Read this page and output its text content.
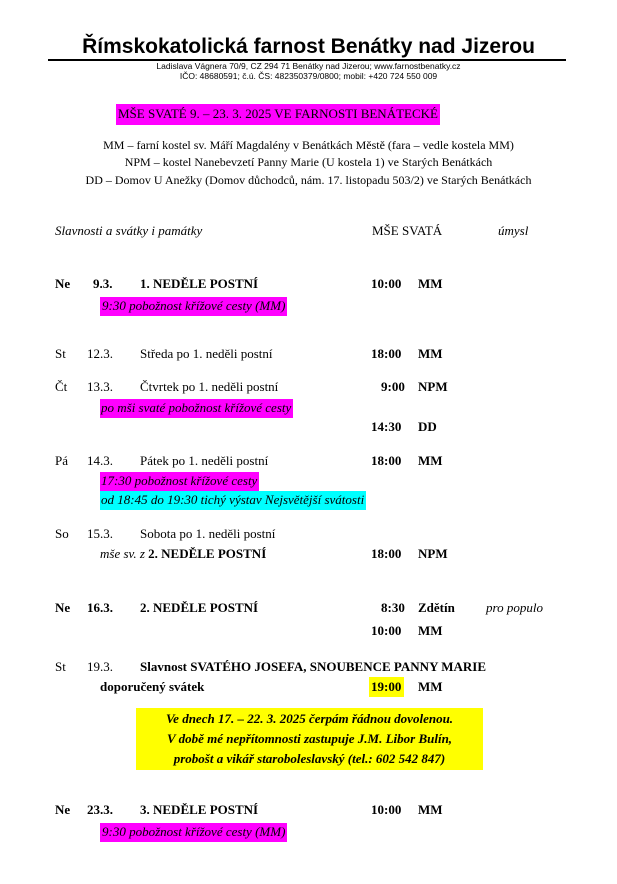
Římskokatolická farnost Benátky nad Jizerou
Ladislava Vágnera 70/9, CZ 294 71 Benátky nad Jizerou; www.farnostbenatky.cz
IČO: 48680591; č.ú. ČS: 482350379/0800; mobil: +420 724 550 009
MŠE SVATÉ 9. – 23. 3. 2025 VE FARNOSTI BENÁTECKÉ
MM – farní kostel sv. Máří Magdalény v Benátkách Městě (fara – vedle kostela MM)
NPM – kostel Nanebevzetí Panny Marie (U kostela 1) ve Starých Benátkách
DD – Domov U Anežky (Domov důchodců, nám. 17. listopadu 503/2) ve Starých Benátkách
Slavnosti a svátky i památky	MŠE SVATÁ	úmysl
Ne 9.3. 1. NEDĚLE POSTNÍ	10:00 MM
9:30 pobožnost křížové cesty (MM)
St 12.3. Středa po 1. neděli postní	18:00 MM
Čt 13.3. Čtvrtek po 1. neděli postní	9:00 NPM
po mši svaté pobožnost křížové cesty
14:30 DD
Pá 14.3. Pátek po 1. neděli postní	18:00 MM
17:30 pobožnost křížové cesty
od 18:45 do 19:30 tichý výstav Nejsvětější svátosti
So 15.3. Sobota po 1. neděli postní
mše sv. z 2. NEDĚLE POSTNÍ	18:00 NPM
Ne 16.3. 2. NEDĚLE POSTNÍ	8:30 Zdětín pro populo
10:00 MM
St 19.3. Slavnost SVATÉHO JOSEFA, SNOUBENCE PANNY MARIE
doporučený svátek	19:00 MM
Ve dnech 17. – 22. 3. 2025 čerpám řádnou dovolenou.
V době mé nepřítomnosti zastupuje J.M. Libor Bulín,
probošt a vikář staroboleslavský (tel.: 602 542 847)
Ne 23.3. 3. NEDĚLE POSTNÍ	10:00 MM
9:30 pobožnost křížové cesty (MM)
